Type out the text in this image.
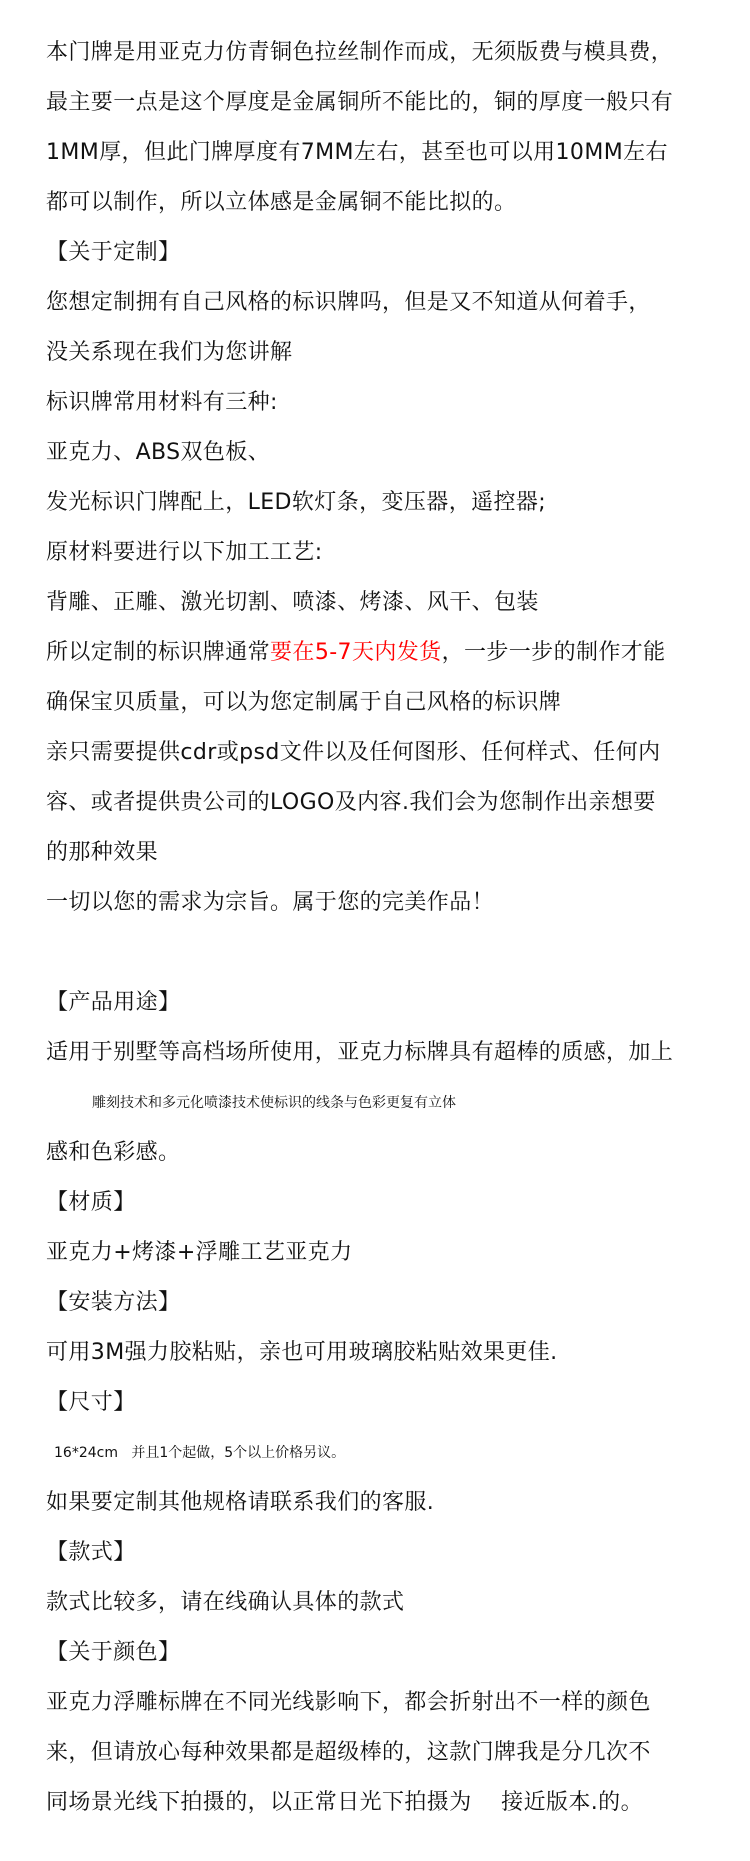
本门牌是用亚克力仿青铜色拉丝制作而成，无须版费与模具费，
最主要一点是这个厚度是金属铜所不能比的，铜的厚度一般只有
1MM厚，但此门牌厚度有7MM左右，甚至也可以用10MM左右
都可以制作，所以立体感是金属铜不能比拟的。
【关于定制】
您想定制拥有自己风格的标识牌吗，但是又不知道从何着手，
没关系现在我们为您讲解
标识牌常用材料有三种:
亚克力、ABS双色板、
发光标识门牌配上，LED软灯条，变压器，遥控器;
原材料要进行以下加工工艺:
背雕、正雕、激光切割、喷漆、烤漆、风干、包装
所以定制的标识牌通常要在5-7天内发货，一步一步的制作才能
确保宝贝质量，可以为您定制属于自己风格的标识牌
亲只需要提供cdr或psd文件以及任何图形、任何样式、任何内
容、或者提供贵公司的LOGO及内容.我们会为您制作出亲想要
的那种效果
一切以您的需求为宗旨。属于您的完美作品！
【产品用途】
适用于别墅等高档场所使用，亚克力标牌具有超棒的质感，加上
雕刻技术和多元化喷漆技术使标识的线条与色彩更复有立体
感和色彩感。
【材质】
亚克力+烤漆+浮雕工艺亚克力
【安装方法】
可用3M强力胶粘贴，亲也可用玻璃胶粘贴效果更佳.
【尺寸】
16*24cm   并且1个起做，5个以上价格另议。
如果要定制其他规格请联系我们的客服.
【款式】
款式比较多，请在线确认具体的款式
【关于颜色】
亚克力浮雕标牌在不同光线影响下，都会折射出不一样的颜色
来，但请放心每种效果都是超级棒的，这款门牌我是分几次不
同场景光线下拍摄的，以正常日光下拍摄为    接近版本.的。
